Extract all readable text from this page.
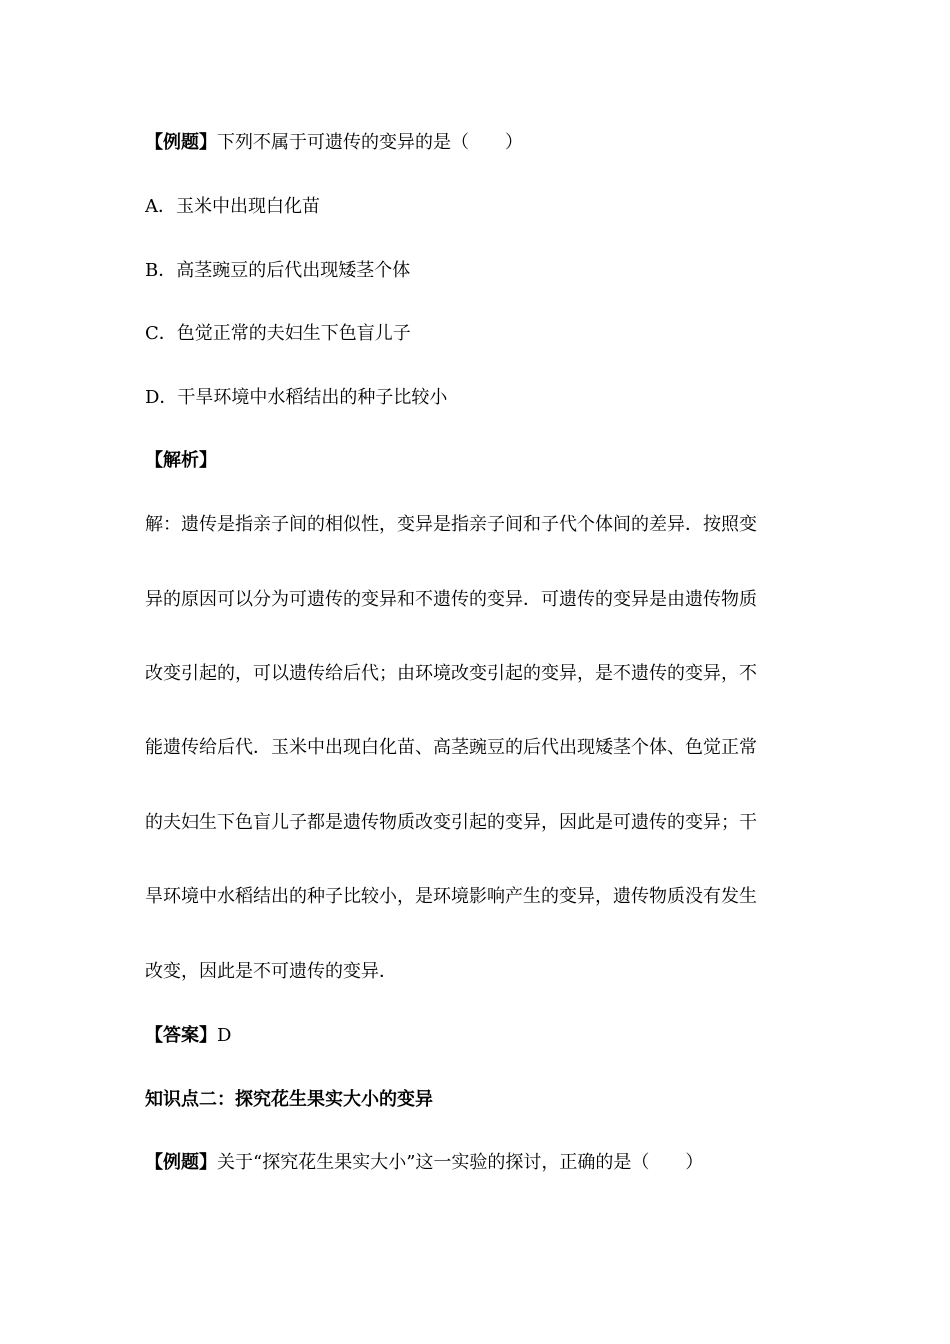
【例题】下列不属于可遗传的变异的是（　　）
A．玉米中出现白化苗
B．高茎豌豆的后代出现矮茎个体
C．色觉正常的夫妇生下色盲儿子
D．干旱环境中水稻结出的种子比较小
【解析】
解：遗传是指亲子间的相似性，变异是指亲子间和子代个体间的差异．按照变
异的原因可以分为可遗传的变异和不遗传的变异．可遗传的变异是由遗传物质
改变引起的，可以遗传给后代；由环境改变引起的变异，是不遗传的变异，不
能遗传给后代．玉米中出现白化苗、高茎豌豆的后代出现矮茎个体、色觉正常
的夫妇生下色盲儿子都是遗传物质改变引起的变异，因此是可遗传的变异；干
旱环境中水稻结出的种子比较小，是环境影响产生的变异，遗传物质没有发生
改变，因此是不可遗传的变异．
【答案】D
知识点二：探究花生果实大小的变异
【例题】关于“探究花生果实大小”这一实验的探讨，正确的是（　　）
